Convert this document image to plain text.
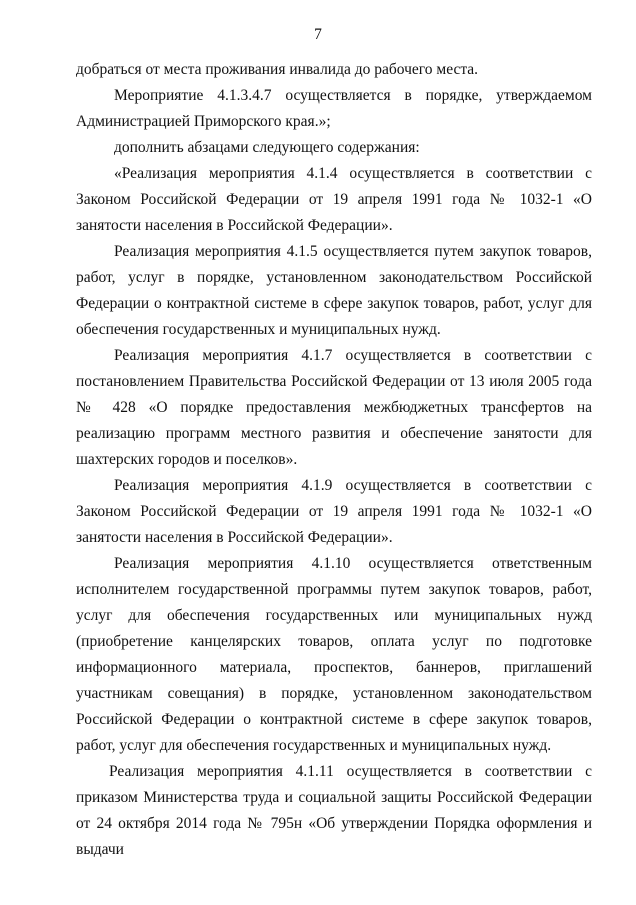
7

добраться от места проживания инвалида до рабочего места.

Мероприятие 4.1.3.4.7 осуществляется в порядке, утверждаемом Администрацией Приморского края.»;

дополнить абзацами следующего содержания:

«Реализация мероприятия 4.1.4 осуществляется в соответствии с Законом Российской Федерации от 19 апреля 1991 года № 1032-1 «О занятости населения в Российской Федерации».

Реализация мероприятия 4.1.5 осуществляется путем закупок товаров, работ, услуг в порядке, установленном законодательством Российской Федерации о контрактной системе в сфере закупок товаров, работ, услуг для обеспечения государственных и муниципальных нужд.

Реализация мероприятия 4.1.7 осуществляется в соответствии с постановлением Правительства Российской Федерации от 13 июля 2005 года № 428 «О порядке предоставления межбюджетных трансфертов на реализацию программ местного развития и обеспечение занятости для шахтерских городов и поселков».

Реализация мероприятия 4.1.9 осуществляется в соответствии с Законом Российской Федерации от 19 апреля 1991 года № 1032-1 «О занятости населения в Российской Федерации».

Реализация мероприятия 4.1.10 осуществляется ответственным исполнителем государственной программы путем закупок товаров, работ, услуг для обеспечения государственных или муниципальных нужд (приобретение канцелярских товаров, оплата услуг по подготовке информационного материала, проспектов, баннеров, приглашений участникам совещания) в порядке, установленном законодательством Российской Федерации о контрактной системе в сфере закупок товаров, работ, услуг для обеспечения государственных и муниципальных нужд.

Реализация мероприятия 4.1.11 осуществляется в соответствии с приказом Министерства труда и социальной защиты Российской Федерации от 24 октября 2014 года № 795н «Об утверждении Порядка оформления и выдачи
